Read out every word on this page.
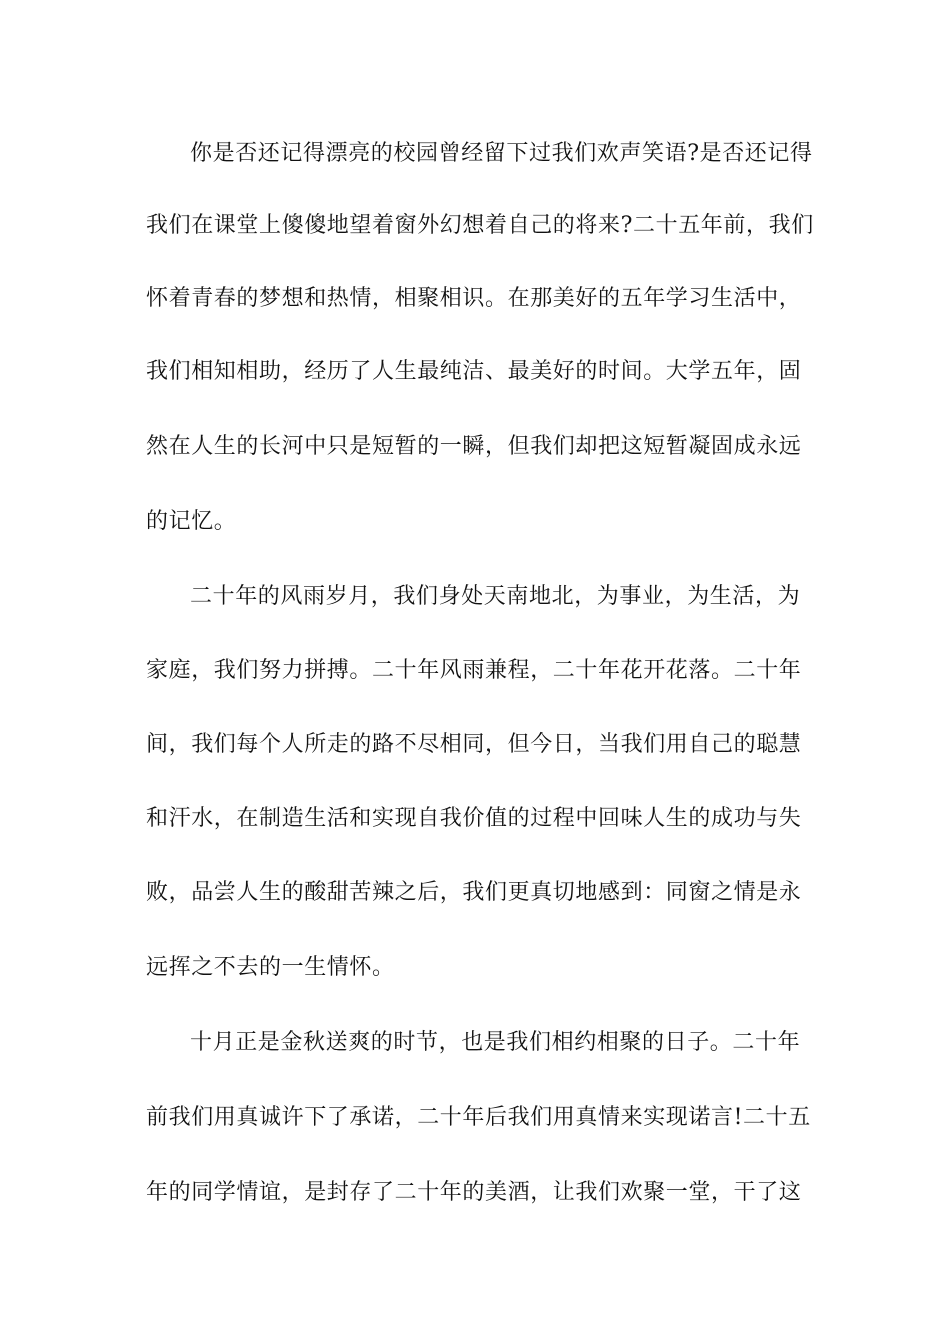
你是否还记得漂亮的校园曾经留下过我们欢声笑语?是否还记得
我们在课堂上傻傻地望着窗外幻想着自己的将来?二十五年前，我们
怀着青春的梦想和热情，相聚相识。在那美好的五年学习生活中，
我们相知相助，经历了人生最纯洁、最美好的时间。大学五年，固
然在人生的长河中只是短暂的一瞬，但我们却把这短暂凝固成永远
的记忆。
二十年的风雨岁月，我们身处天南地北，为事业，为生活，为
家庭，我们努力拼搏。二十年风雨兼程，二十年花开花落。二十年
间，我们每个人所走的路不尽相同，但今日，当我们用自己的聪慧
和汗水，在制造生活和实现自我价值的过程中回味人生的成功与失
败，品尝人生的酸甜苦辣之后，我们更真切地感到：同窗之情是永
远挥之不去的一生情怀。
十月正是金秋送爽的时节，也是我们相约相聚的日子。二十年
前我们用真诚许下了承诺，二十年后我们用真情来实现诺言!二十五
年的同学情谊，是封存了二十年的美酒，让我们欢聚一堂，干了这
